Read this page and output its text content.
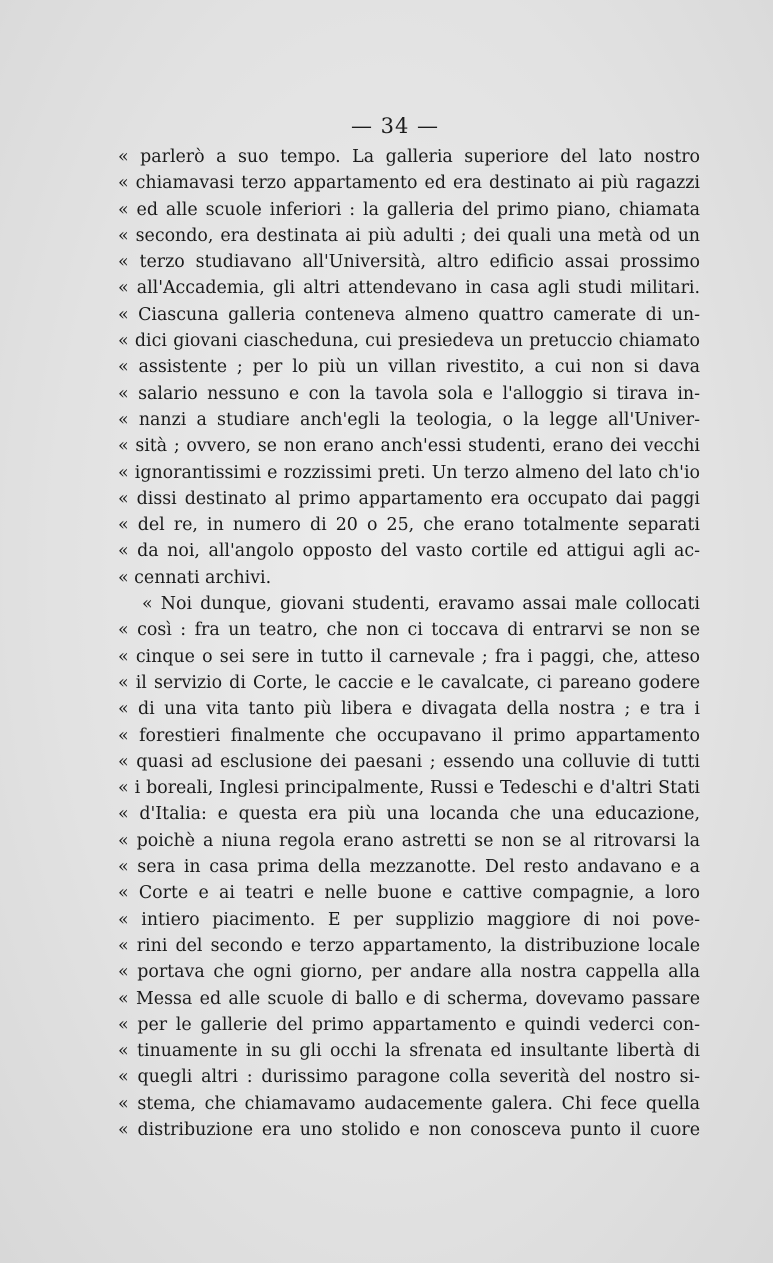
— 34 —
« parlerò a suo tempo. La galleria superiore del lato nostro
« chiamavasi terzo appartamento ed era destinato ai più ragazzi
« ed alle scuole inferiori : la galleria del primo piano, chiamata
« secondo, era destinata ai più adulti ; dei quali una metà od un
« terzo studiavano all'Università, altro edificio assai prossimo
« all'Accademia, gli altri attendevano in casa agli studi militari.
« Ciascuna galleria conteneva almeno quattro camerate di un-
« dici giovani ciascheduna, cui presiedeva un pretuccio chiamato
« assistente ; per lo più un villan rivestito, a cui non si dava
« salario nessuno e con la tavola sola e l'alloggio si tirava in-
« nanzi a studiare anch'egli la teologia, o la legge all'Univer-
« sità ; ovvero, se non erano anch'essi studenti, erano dei vecchi
« ignorantissimi e rozzissimi preti. Un terzo almeno del lato ch'io
« dissi destinato al primo appartamento era occupato dai paggi
« del re, in numero di 20 o 25, che erano totalmente separati
« da noi, all'angolo opposto del vasto cortile ed attigui agli ac-
« cennati archivi.
« Noi dunque, giovani studenti, eravamo assai male collocati
« così : fra un teatro, che non ci toccava di entrarvi se non se
« cinque o sei sere in tutto il carnevale ; fra i paggi, che, atteso
« il servizio di Corte, le caccie e le cavalcate, ci pareano godere
« di una vita tanto più libera e divagata della nostra ; e tra i
« forestieri finalmente che occupavano il primo appartamento
« quasi ad esclusione dei paesani ; essendo una colluvie di tutti
« i boreali, Inglesi principalmente, Russi e Tedeschi e d'altri Stati
« d'Italia: e questa era più una locanda che una educazione,
« poichè a niuna regola erano astretti se non se al ritrovarsi la
« sera in casa prima della mezzanotte. Del resto andavano e a
« Corte e ai teatri e nelle buone e cattive compagnie, a loro
« intiero piacimento. E per supplizio maggiore di noi pove-
« rini del secondo e terzo appartamento, la distribuzione locale
« portava che ogni giorno, per andare alla nostra cappella alla
« Messa ed alle scuole di ballo e di scherma, dovevamo passare
« per le gallerie del primo appartamento e quindi vederci con-
« tinuamente in su gli occhi la sfrenata ed insultante libertà di
« quegli altri : durissimo paragone colla severità del nostro si-
« stema, che chiamavamo audacemente galera. Chi fece quella
« distribuzione era uno stolido e non conosceva punto il cuore
